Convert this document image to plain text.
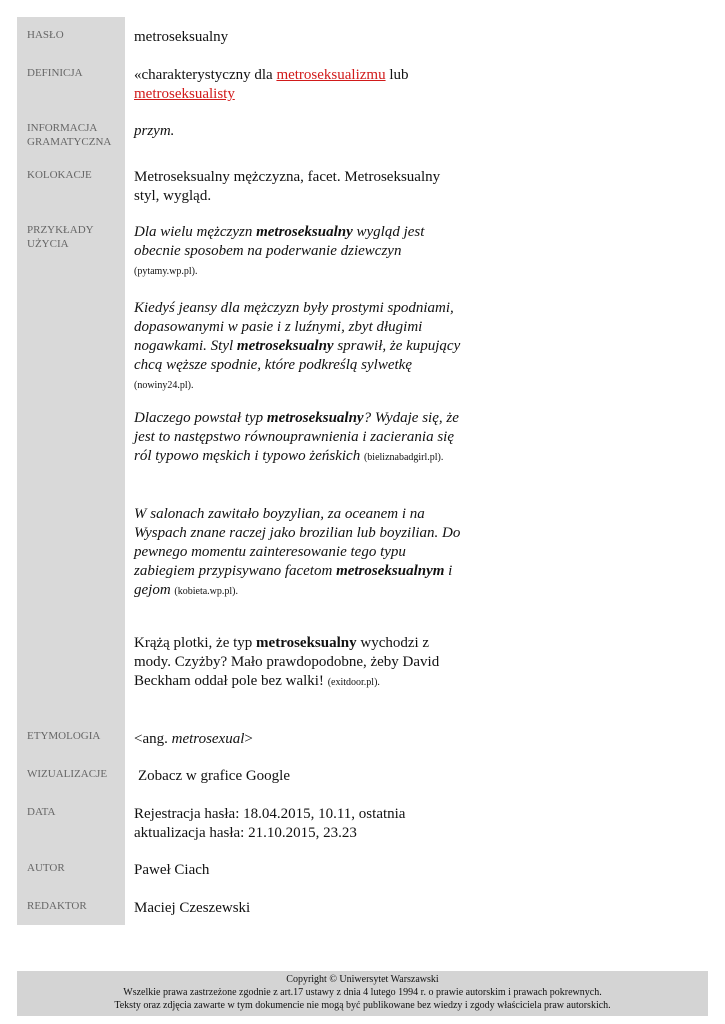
HASŁO
DEFINICJA
INFORMACJA
GRAMATYCZNA
KOLOKACJE
PRZYKŁADY
UŻYCIA
ETYMOLOGIA
WIZUALIZACJE
DATA
AUTOR
REDAKTOR
metroseksualny
«charakterystyczny dla metroseksualizmu lub
metroseksualisty
przym.
Metroseksualny mężczyzna, facet. Metroseksualny styl, wygląd.
Dla wielu mężczyzn metroseksualny wygląd jest obecnie sposobem na poderwanie dziewczyn (pytamy.wp.pl).
Kiedyś jeansy dla mężczyzn były prostymi spodniami, dopasowanymi w pasie i z luźnymi, zbyt długimi nogawkami. Styl metroseksualny sprawił, że kupujący chcą węższe spodnie, które podkreślą sylwetkę (nowiny24.pl).
Dlaczego powstał typ metroseksualny? Wydaje się, że jest to następstwo równouprawnienia i zacierania się ról typowo męskich i typowo żeńskich (bieliznabadgirl.pl).
W salonach zawitało boyzylian, za oceanem i na Wyspach znane raczej jako brozilian lub boyzilian. Do pewnego momentu zainteresowanie tego typu zabiegiem przypisywano facetom metroseksualnym i gejom (kobieta.wp.pl).
Krążą plotki, że typ metroseksualny wychodzi z mody. Czyżby? Mało prawdopodobne, żeby David Beckham oddał pole bez walki! (exitdoor.pl).
<ang. metrosexual>
Zobacz w grafice Google
Rejestracja hasła: 18.04.2015, 10.11, ostatnia aktualizacja hasła: 21.10.2015, 23.23
Paweł Ciach
Maciej Czeszewski
Copyright © Uniwersytet Warszawski
Wszelkie prawa zastrzeżone zgodnie z art.17 ustawy z dnia 4 lutego 1994 r. o prawie autorskim i prawach pokrewnych.
Teksty oraz zdjęcia zawarte w tym dokumencie nie mogą być publikowane bez wiedzy i zgody właściciela praw autorskich.
